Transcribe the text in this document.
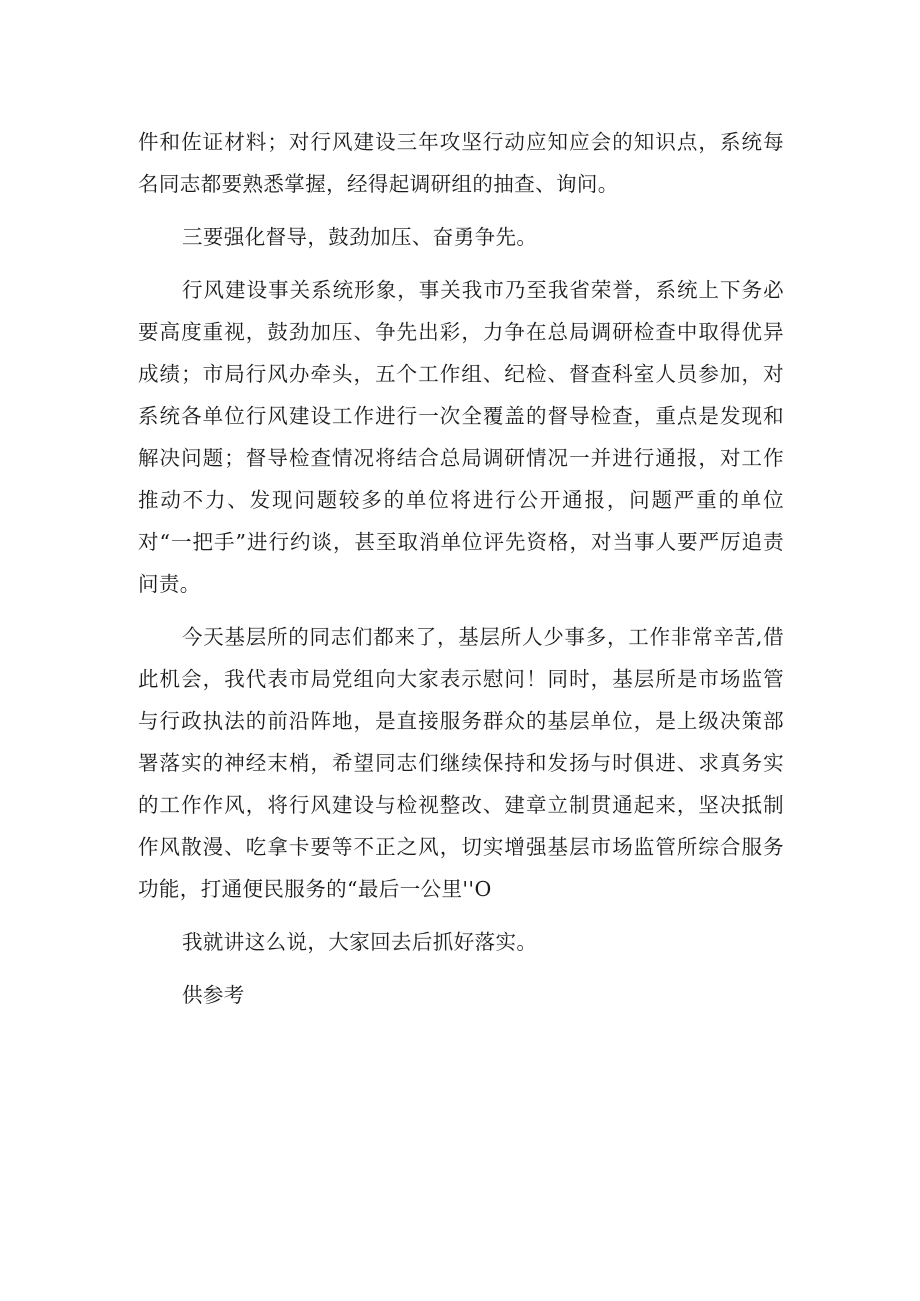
件和佐证材料；对行风建设三年攻坚行动应知应会的知识点，系统每名同志都要熟悉掌握，经得起调研组的抽查、询问。

三要强化督导，鼓劲加压、奋勇争先。

行风建设事关系统形象，事关我市乃至我省荣誉，系统上下务必要高度重视，鼓劲加压、争先出彩，力争在总局调研检查中取得优异成绩；市局行风办牵头，五个工作组、纪检、督查科室人员参加，对系统各单位行风建设工作进行一次全覆盖的督导检查，重点是发现和解决问题；督导检查情况将结合总局调研情况一并进行通报，对工作推动不力、发现问题较多的单位将进行公开通报，问题严重的单位对“一把手”进行约谈，甚至取消单位评先资格，对当事人要严厉追责问责。

今天基层所的同志们都来了，基层所人少事多，工作非常辛苦,借此机会，我代表市局党组向大家表示慰问！同时，基层所是市场监管与行政执法的前沿阵地，是直接服务群众的基层单位，是上级决策部署落实的神经末梢，希望同志们继续保持和发扬与时俱进、求真务实的工作作风，将行风建设与检视整改、建章立制贯通起来，坚决抵制作风散漫、吃拿卡要等不正之风，切实增强基层市场监管所综合服务功能，打通便民服务的“最后一公里''O

我就讲这么说，大家回去后抓好落实。

供参考
